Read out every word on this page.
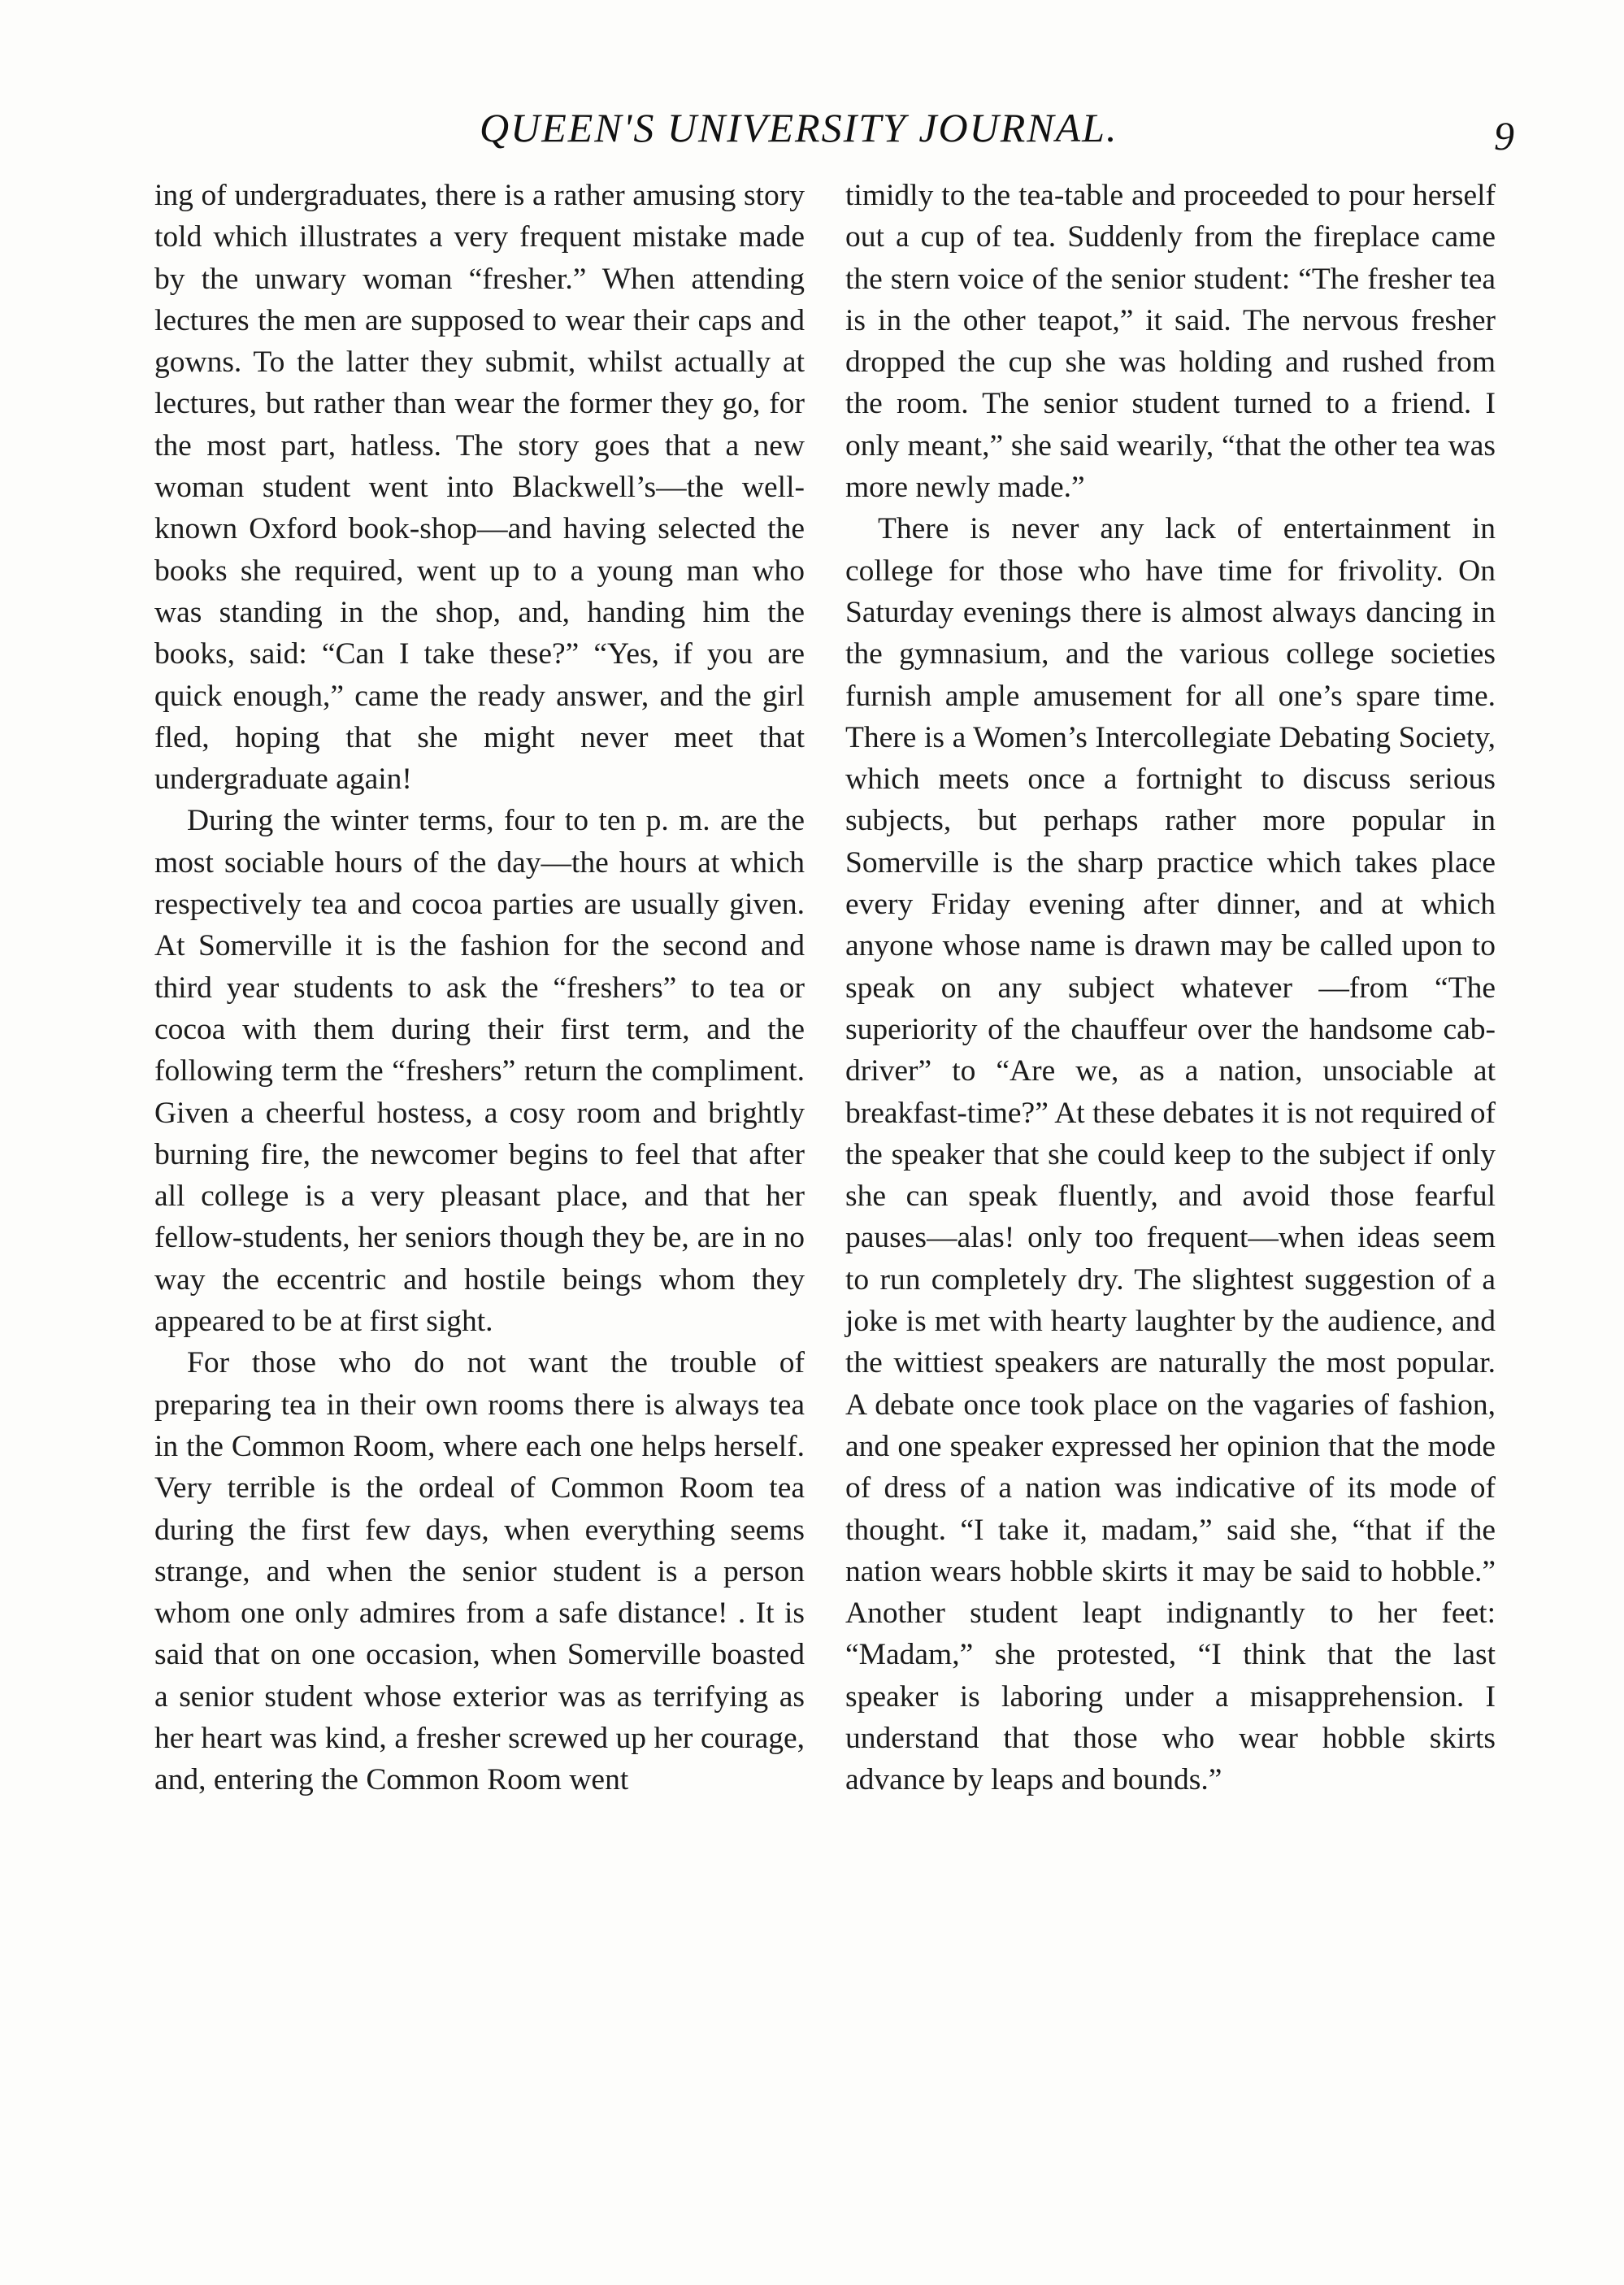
QUEEN'S UNIVERSITY JOURNAL.	9

ing of undergraduates, there is a rather amusing story told which illustrates a very frequent mistake made by the unwary woman “fresher.” When attending lectures the men are supposed to wear their caps and gowns. To the latter they submit, whilst actually at lectures, but rather than wear the former they go, for the most part, hatless. The story goes that a new woman student went into Blackwell’s—the well-known Oxford book-shop—and having selected the books she required, went up to a young man who was standing in the shop, and, handing him the books, said: “Can I take these?” “Yes, if you are quick enough,” came the ready answer, and the girl fled, hoping that she might never meet that undergraduate again!

During the winter terms, four to ten p. m. are the most sociable hours of the day—the hours at which respectively tea and cocoa parties are usually given. At Somerville it is the fashion for the second and third year students to ask the “freshers” to tea or cocoa with them during their first term, and the following term the “freshers” return the compliment. Given a cheerful hostess, a cosy room and brightly burning fire, the newcomer begins to feel that after all college is a very pleasant place, and that her fellow-students, her seniors though they be, are in no way the eccentric and hostile beings whom they appeared to be at first sight.

For those who do not want the trouble of preparing tea in their own rooms there is always tea in the Common Room, where each one helps herself. Very terrible is the ordeal of Common Room tea during the first few days, when everything seems strange, and when the senior student is a person whom one only admires from a safe distance! . It is said that on one occasion, when Somerville boasted a senior student whose exterior was as terrifying as her heart was kind, a fresher screwed up her courage, and, entering the Common Room went

timidly to the tea-table and proceeded to pour herself out a cup of tea. Suddenly from the fireplace came the stern voice of the senior student: “The fresher tea is in the other teapot,” it said. The nervous fresher dropped the cup she was holding and rushed from the room. The senior student turned to a friend. I only meant,” she said wearily, “that the other tea was more newly made.”

There is never any lack of entertainment in college for those who have time for frivolity. On Saturday evenings there is almost always dancing in the gymnasium, and the various college societies furnish ample amusement for all one’s spare time. There is a Women’s Intercollegiate Debating Society, which meets once a fortnight to discuss serious subjects, but perhaps rather more popular in Somerville is the sharp practice which takes place every Friday evening after dinner, and at which anyone whose name is drawn may be called upon to speak on any subject whatever —from “The superiority of the chauffeur over the handsome cab-driver” to “Are we, as a nation, unsociable at breakfast-time?” At these debates it is not required of the speaker that she could keep to the subject if only she can speak fluently, and avoid those fearful pauses—alas! only too frequent—when ideas seem to run completely dry. The slightest suggestion of a joke is met with hearty laughter by the audience, and the wittiest speakers are naturally the most popular. A debate once took place on the vagaries of fashion, and one speaker expressed her opinion that the mode of dress of a nation was indicative of its mode of thought. “I take it, madam,” said she, “that if the nation wears hobble skirts it may be said to hobble.” Another student leapt indignantly to her feet: “Madam,” she protested, “I think that the last speaker is laboring under a misapprehension. I understand that those who wear hobble skirts advance by leaps and bounds.”
